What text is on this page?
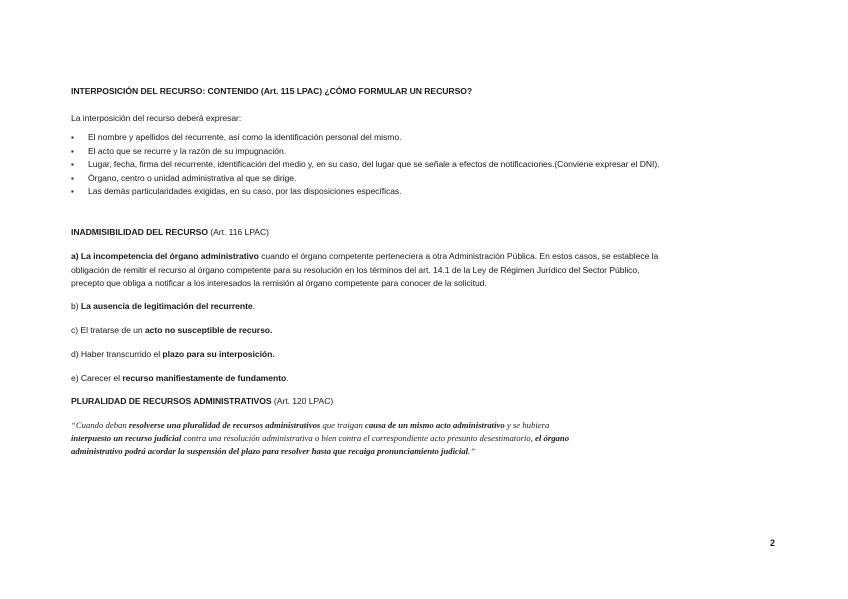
INTERPOSICIÓN DEL RECURSO: CONTENIDO (Art. 115 LPAC) ¿CÓMO FORMULAR UN RECURSO?
La interposición del recurso deberá expresar:
▪ El nombre y apellidos del recurrente, así como la identificación personal del mismo.
▪ El acto que se recurre y la razón de su impugnación.
▪ Lugar, fecha, firma del recurrente, identificación del medio y, en su caso, del lugar que se señale a efectos de notificaciones.(Conviene expresar el DNI).
▪ Órgano, centro o unidad administrativa al que se dirige.
▪ Las demás particularidades exigidas, en su caso, por las disposiciones específicas.
INADMISIBILIDAD DEL RECURSO (Art. 116 LPAC)
a) La incompetencia del órgano administrativo cuando el órgano competente perteneciera a otra Administración Pública. En estos casos, se establece la
obligación de remitir el recurso al órgano competente para su resolución en los términos del art. 14.1 de la Ley de Régimen Jurídico del Sector Público,
precepto que obliga a notificar a los interesados la remisión al órgano competente para conocer de la solicitud.
b) La ausencia de legitimación del recurrente.
c) El tratarse de un acto no susceptible de recurso.
d) Haber transcurrido el plazo para su interposición.
e) Carecer el recurso manifiestamente de fundamento.
PLURALIDAD DE RECURSOS ADMINISTRATIVOS (Art. 120 LPAC)
“Cuando deban resolverse una pluralidad de recursos administrativos que traigan causa de un mismo acto administrativo y se hubiera
interpuesto un recurso judicial contra una resolución administrativa o bien contra el correspondiente acto presunto desestimatorio, el órgano
administrativo podrá acordar la suspensión del plazo para resolver hasta que recaiga pronunciamiento judicial.”
2
